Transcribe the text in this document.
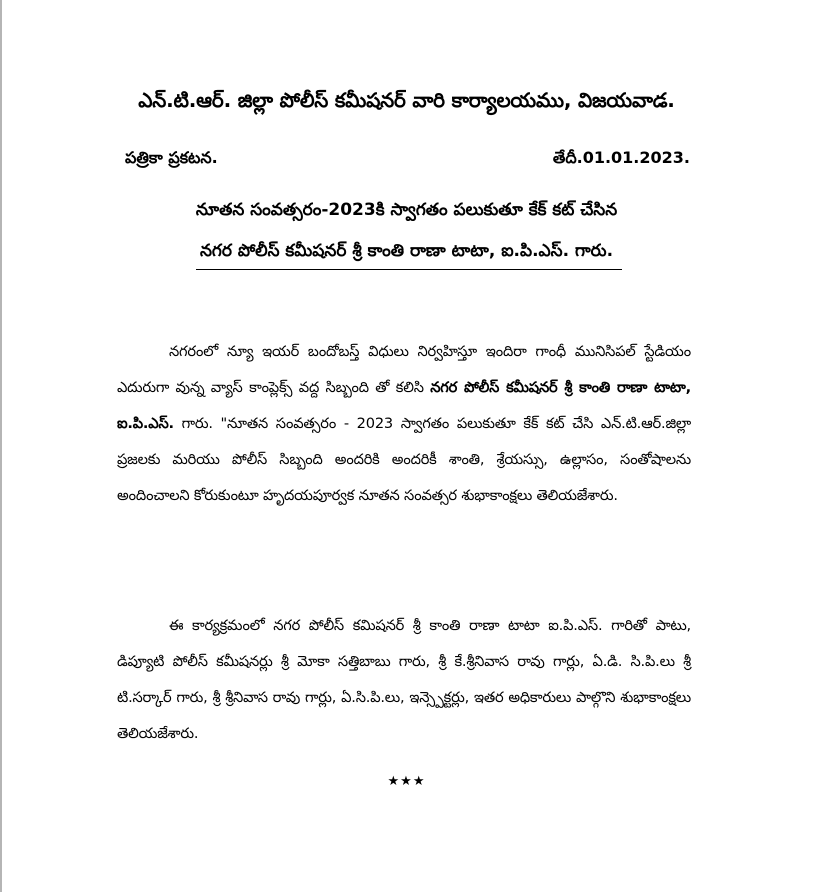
ఎన్.టి.ఆర్. జిల్లా పోలీస్ కమీషనర్ వారి కార్యాలయము, విజయవాడ.
పత్రికా ప్రకటన.	తేదీ.01.01.2023.
నూతన సంవత్సరం-2023కి స్వాగతం పలుకుతూ కేక్ కట్ చేసిన
నగర పోలీస్ కమీషనర్ శ్రీ కాంతి రాణా టాటా, ఐ.పి.ఎస్. గారు.
నగరంలో న్యూ ఇయర్ బందోబస్త్ విధులు నిర్వహిస్తూ ఇందిరా గాంధీ మునిసిపల్ స్టేడియం ఎదురుగా వున్న వ్యాస్ కాంప్లెక్స్ వద్ద సిబ్బంది తో కలిసి నగర పోలీస్ కమీషనర్ శ్రీ కాంతి రాణా టాటా, ఐ.పి.ఎస్. గారు. "నూతన సంవత్సరం - 2023 స్వాగతం పలుకుతూ కేక్ కట్ చేసి ఎన్.టి.ఆర్.జిల్లా ప్రజలకు మరియు పోలీస్ సిబ్బంది అందరికి అందరికీ శాంతి, శ్రేయస్సు, ఉల్లాసం, సంతోషాలను అందించాలని కోరుకుంటూ హృదయపూర్వక నూతన సంవత్సర శుభాకాంక్షలు తెలియజేశారు.
ఈ కార్యక్రమంలో నగర పోలీస్ కమిషనర్ శ్రీ కాంతి రాణా టాటా ఐ.పి.ఎస్. గారితో పాటు, డిప్యూటి పోలీస్ కమీషనర్లు శ్రీ మోకా సత్తిబాబు గారు, శ్రీ కే.శ్రీనివాస రావు గార్లు, ఏ.డి. సి.పి.లు శ్రీ టి.సర్కార్ గారు, శ్రీ శ్రీనివాస రావు గార్లు, ఏ.సి.పి.లు, ఇన్స్పెక్టర్లు, ఇతర అధికారులు పాల్గొని శుభాకాంక్షలు తెలియజేశారు.
★★★
